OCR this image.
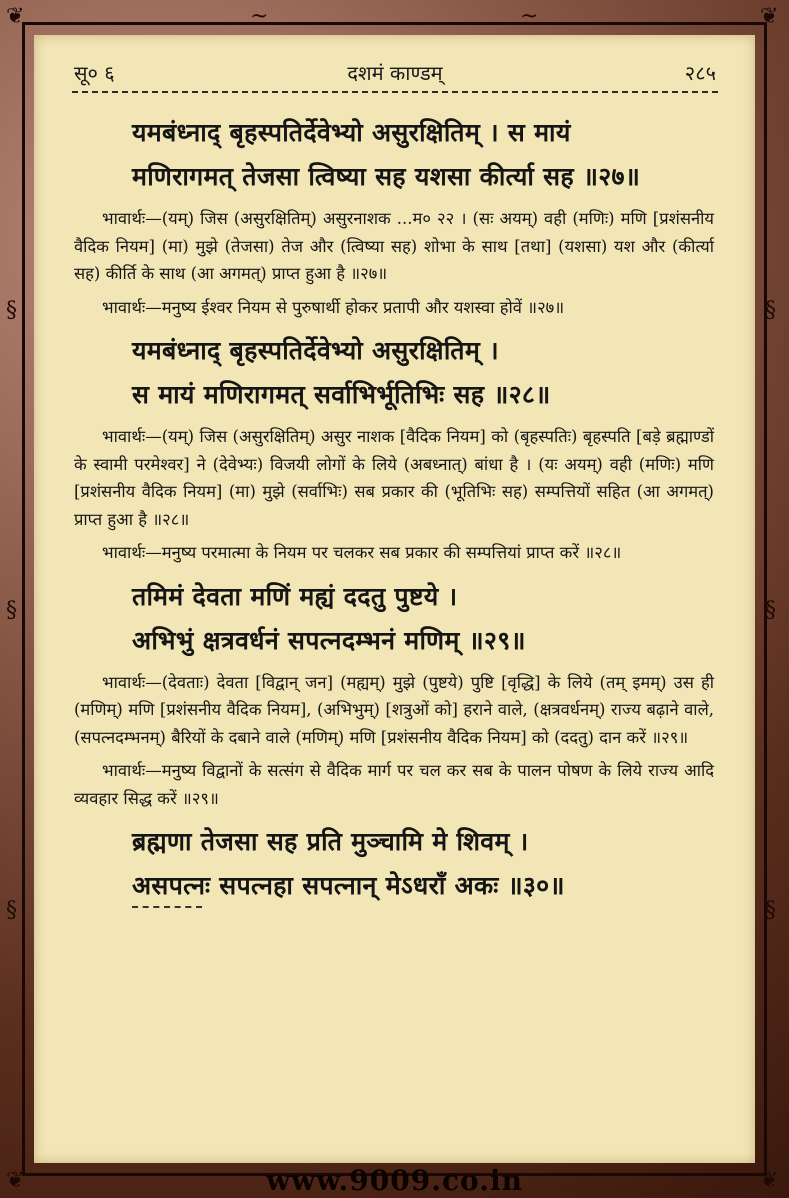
❦	❦
❦	❦
§
§
§
§
§
§
~	~
सू० ६	दशमं काण्डम्	२८५
यमबंध्नाद् बृहस्पतिर्देवेभ्यो असुरक्षितिम् । स मायं
मणिरागमत् तेजसा त्विष्या सह यशसा कीर्त्या सह ॥२७॥

भावार्थः—(यम्) जिस (असुरक्षितिम्) असुरनाशक ...म० २२ । (सः अयम्) वही (मणिः) मणि [प्रशंसनीय वैदिक नियम] (मा) मुझे (तेजसा) तेज और (त्विष्या सह) शोभा के साथ [तथा] (यशसा) यश और (कीर्त्या सह) कीर्ति के साथ (आ अगमत्) प्राप्त हुआ है ॥२७॥

भावार्थः—मनुष्य ईश्वर नियम से पुरुषार्थी होकर प्रतापी और यशस्वा होवें ॥२७॥

यमबंध्नाद् बृहस्पतिर्देवेभ्यो असुरक्षितिम् ।
स मायं मणिरागमत् सर्वाभिर्भूतिभिः सह ॥२८॥

भावार्थः—(यम्) जिस (असुरक्षितिम्) असुर नाशक [वैदिक नियम] को (बृहस्पतिः) बृहस्पति [बड़े ब्रह्माण्डों के स्वामी परमेश्वर] ने (देवेभ्यः) विजयी लोगों के लिये (अबध्नात्) बांधा है । (यः अयम्) वही (मणिः) मणि [प्रशंसनीय वैदिक नियम] (मा) मुझे (सर्वाभिः) सब प्रकार की (भूतिभिः सह) सम्पत्तियों सहित (आ अगमत्) प्राप्त हुआ है ॥२८॥

भावार्थः—मनुष्य परमात्मा के नियम पर चलकर सब प्रकार की सम्पत्तियां प्राप्त करें ॥२८॥

तमिमं देवता मणिं मह्यं ददतु पुष्टये ।
अभिभुं क्षत्रवर्धनं सपत्नदम्भनं मणिम् ॥२९॥

भावार्थः—(देवताः) देवता [विद्वान् जन] (मह्यम्) मुझे (पुष्टये) पुष्टि [वृद्धि] के लिये (तम् इमम्) उस ही (मणिम्) मणि [प्रशंसनीय वैदिक नियम], (अभिभुम्) [शत्रुओं को] हराने वाले, (क्षत्रवर्धनम्) राज्य बढ़ाने वाले, (सपत्नदम्भनम्) बैरियों के दबाने वाले (मणिम्) मणि [प्रशंसनीय वैदिक नियम] को (ददतु) दान करें ॥२९॥

भावार्थः—मनुष्य विद्वानों के सत्संग से वैदिक मार्ग पर चल कर सब के पालन पोषण के लिये राज्य आदि व्यवहार सिद्ध करें ॥२९॥

ब्रह्मणा तेजसा सह प्रति मुञ्चामि मे शिवम् ।
असपत्नः सपत्नहा सपत्नान् मेऽधराँ अकः ॥३०॥
www.9009.co.in
